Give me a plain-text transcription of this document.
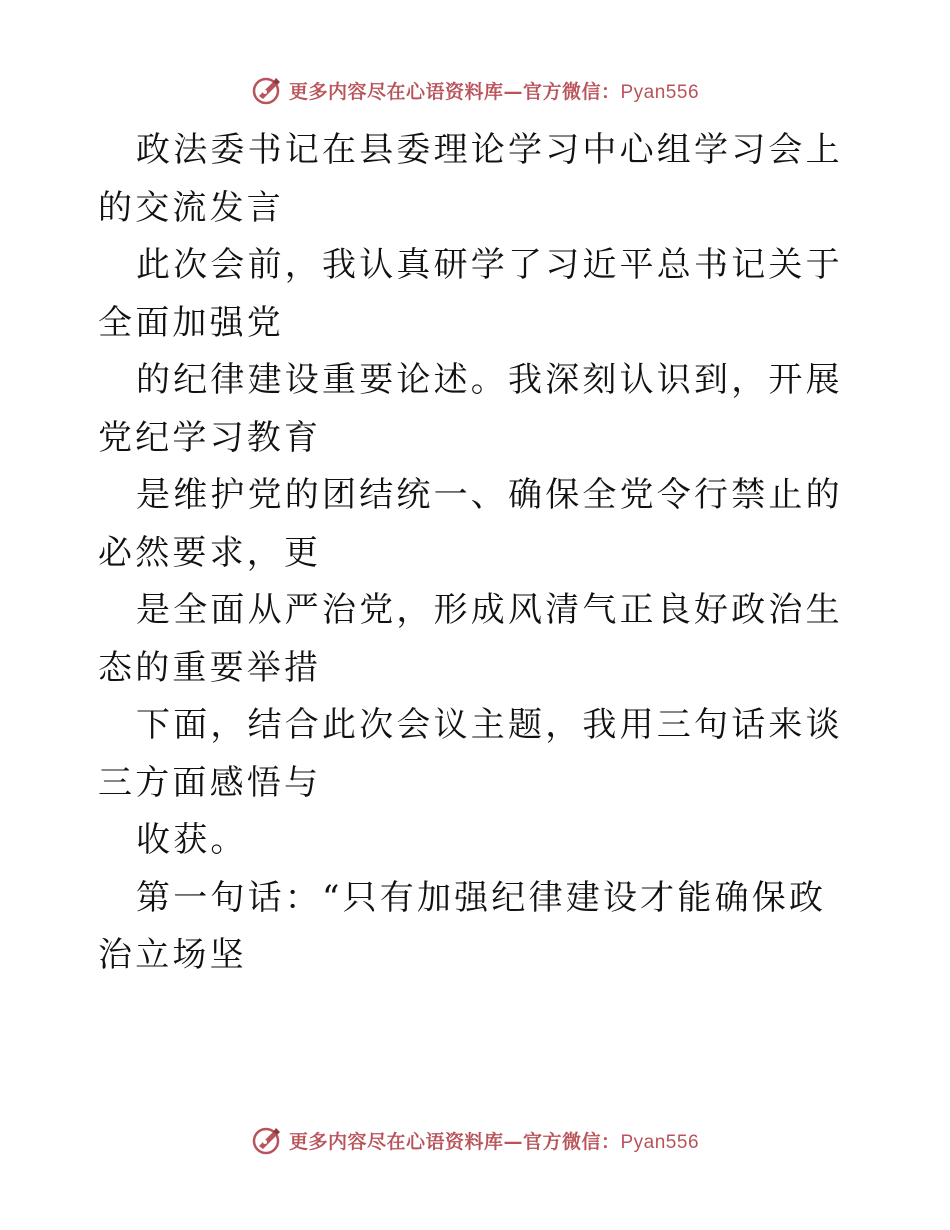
更多内容尽在心语资料库—官方微信：Pyan556

政法委书记在县委理论学习中心组学习会上的交流发言

此次会前，我认真研学了习近平总书记关于全面加强党

的纪律建设重要论述。我深刻认识到，开展党纪学习教育

是维护党的团结统一、确保全党令行禁止的必然要求，更

是全面从严治党，形成风清气正良好政治生态的重要举措

下面，结合此次会议主题，我用三句话来谈三方面感悟与

收获。

第一句话：“只有加强纪律建设才能确保政治立场坚

更多内容尽在心语资料库—官方微信：Pyan556
